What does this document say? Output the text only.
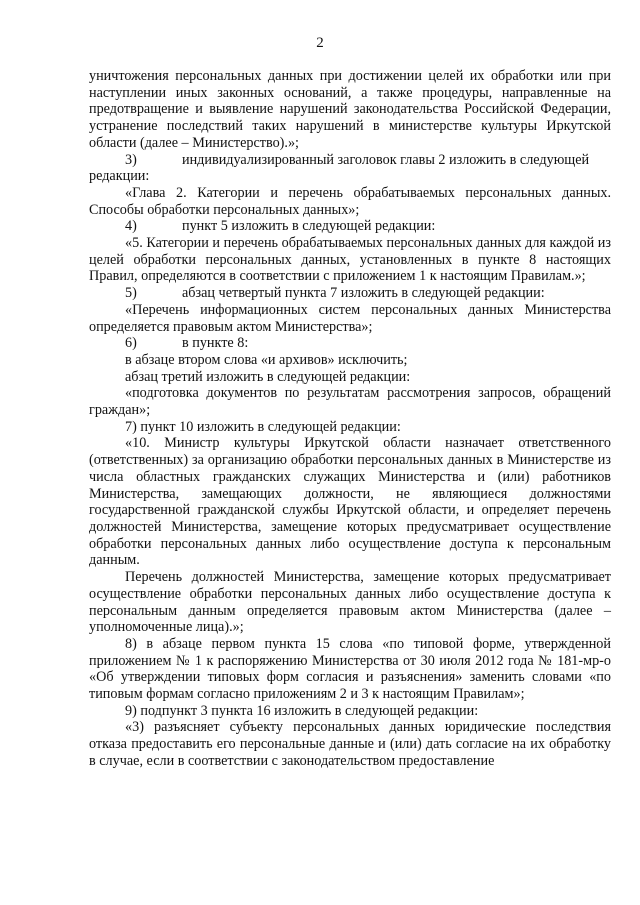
2

уничтожения персональных данных при достижении целей их обработки или при наступлении иных законных оснований, а также процедуры, направленные на предотвращение и выявление нарушений законодательства Российской Федерации, устранение последствий таких нарушений в министерстве культуры Иркутской области (далее – Министерство).»;

3)	индивидуализированный заголовок главы 2 изложить в следующей редакции:

«Глава 2. Категории и перечень обрабатываемых персональных данных. Способы обработки персональных данных»;

4)	пункт 5 изложить в следующей редакции:

«5. Категории и перечень обрабатываемых персональных данных для каждой из целей обработки персональных данных, установленных в пункте 8 настоящих Правил, определяются в соответствии с приложением 1 к настоящим Правилам.»;

5)	абзац четвертый пункта 7 изложить в следующей редакции:

«Перечень информационных систем персональных данных Министерства определяется правовым актом Министерства»;

6)	в пункте 8:

в абзаце втором слова «и архивов» исключить;

абзац третий изложить в следующей редакции:

«подготовка документов по результатам рассмотрения запросов, обращений граждан»;

7) пункт 10 изложить в следующей редакции:

«10. Министр культуры Иркутской области назначает ответственного (ответственных) за организацию обработки персональных данных в Министерстве из числа областных гражданских служащих Министерства и (или) работников Министерства, замещающих должности, не являющиеся должностями государственной гражданской службы Иркутской области, и определяет перечень должностей Министерства, замещение которых предусматривает осуществление обработки персональных данных либо осуществление доступа к персональным данным.

Перечень должностей Министерства, замещение которых предусматривает осуществление обработки персональных данных либо осуществление доступа к персональным данным определяется правовым актом Министерства (далее – уполномоченные лица).»;

8) в абзаце первом пункта 15 слова «по типовой форме, утвержденной приложением № 1 к распоряжению Министерства от 30 июля 2012 года № 181-мр-о «Об утверждении типовых форм согласия и разъяснения» заменить словами «по типовым формам согласно приложениям 2 и 3 к настоящим Правилам»;

9) подпункт 3 пункта 16 изложить в следующей редакции:

«3) разъясняет субъекту персональных данных юридические последствия отказа предоставить его персональные данные и (или) дать согласие на их обработку в случае, если в соответствии с законодательством предоставление
